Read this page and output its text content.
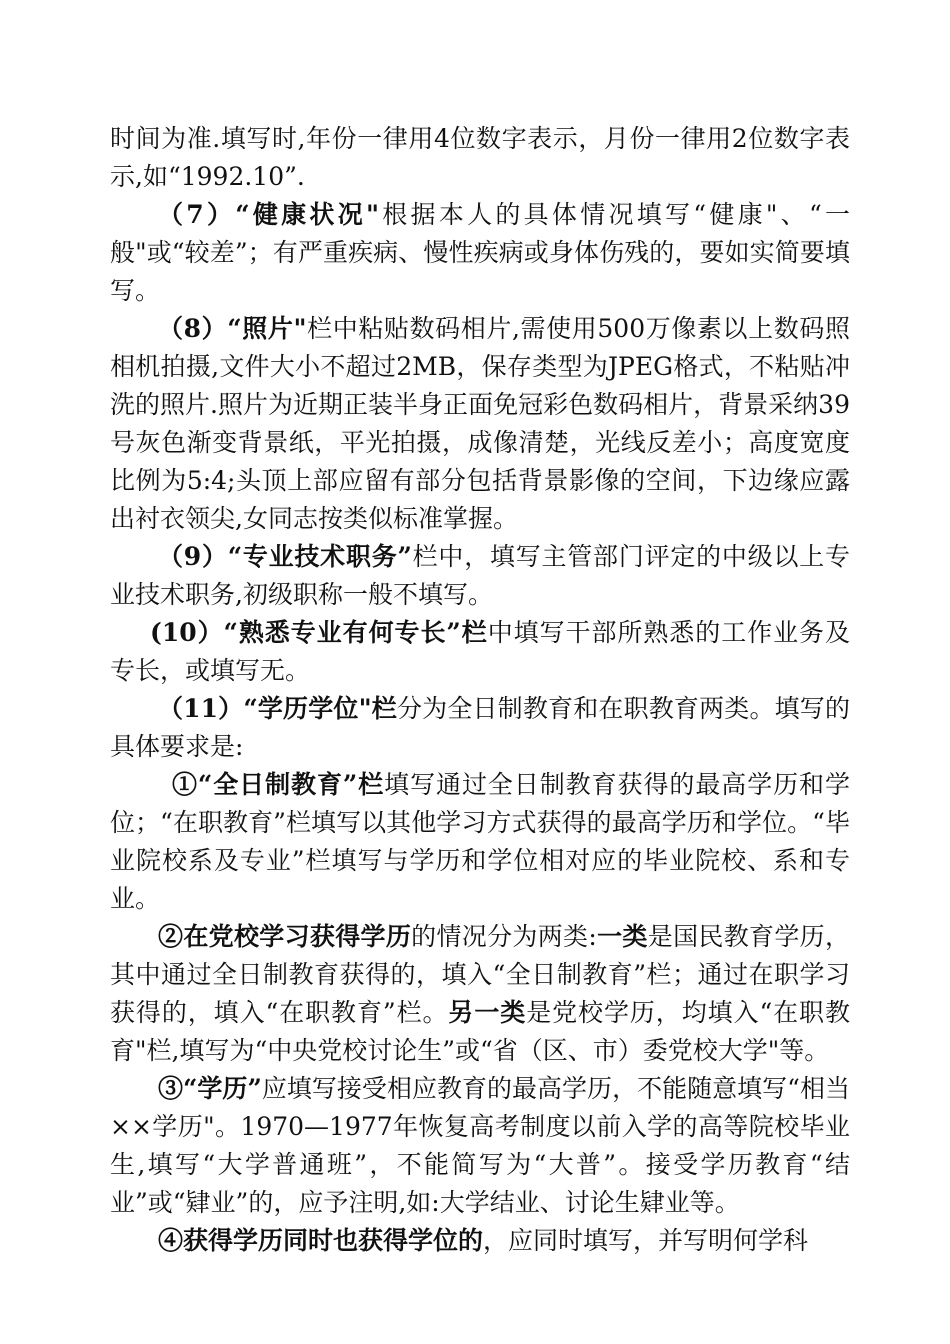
时间为准.填写时,年份一律用4位数字表示，月份一律用2位数字表示,如“1992.10”.

（7）“健康状况"根据本人的具体情况填写“健康"、“一般"或“较差”；有严重疾病、慢性疾病或身体伤残的，要如实简要填写。

（8）“照片"栏中粘贴数码相片,需使用500万像素以上数码照相机拍摄,文件大小不超过2MB，保存类型为JPEG格式，不粘贴冲洗的照片.照片为近期正装半身正面免冠彩色数码相片，背景采纳39号灰色渐变背景纸，平光拍摄，成像清楚，光线反差小；高度宽度比例为5:4;头顶上部应留有部分包括背景影像的空间，下边缘应露出衬衣领尖,女同志按类似标准掌握。

（9）“专业技术职务”栏中，填写主管部门评定的中级以上专业技术职务,初级职称一般不填写。

(10）“熟悉专业有何专长”栏中填写干部所熟悉的工作业务及专长，或填写无。

（11）“学历学位"栏分为全日制教育和在职教育两类。填写的具体要求是:

①“全日制教育”栏填写通过全日制教育获得的最高学历和学位；“在职教育”栏填写以其他学习方式获得的最高学历和学位。“毕业院校系及专业”栏填写与学历和学位相对应的毕业院校、系和专业。

②在党校学习获得学历的情况分为两类:一类是国民教育学历，其中通过全日制教育获得的，填入“全日制教育”栏；通过在职学习获得的，填入“在职教育”栏。另一类是党校学历，均填入“在职教育"栏,填写为“中央党校讨论生”或“省（区、市）委党校大学"等。

③“学历”应填写接受相应教育的最高学历，不能随意填写“相当××学历"。1970—1977年恢复高考制度以前入学的高等院校毕业生,填写“大学普通班”，不能简写为“大普”。接受学历教育“结业”或“肄业”的，应予注明,如:大学结业、讨论生肄业等。

④获得学历同时也获得学位的，应同时填写，并写明何学科
